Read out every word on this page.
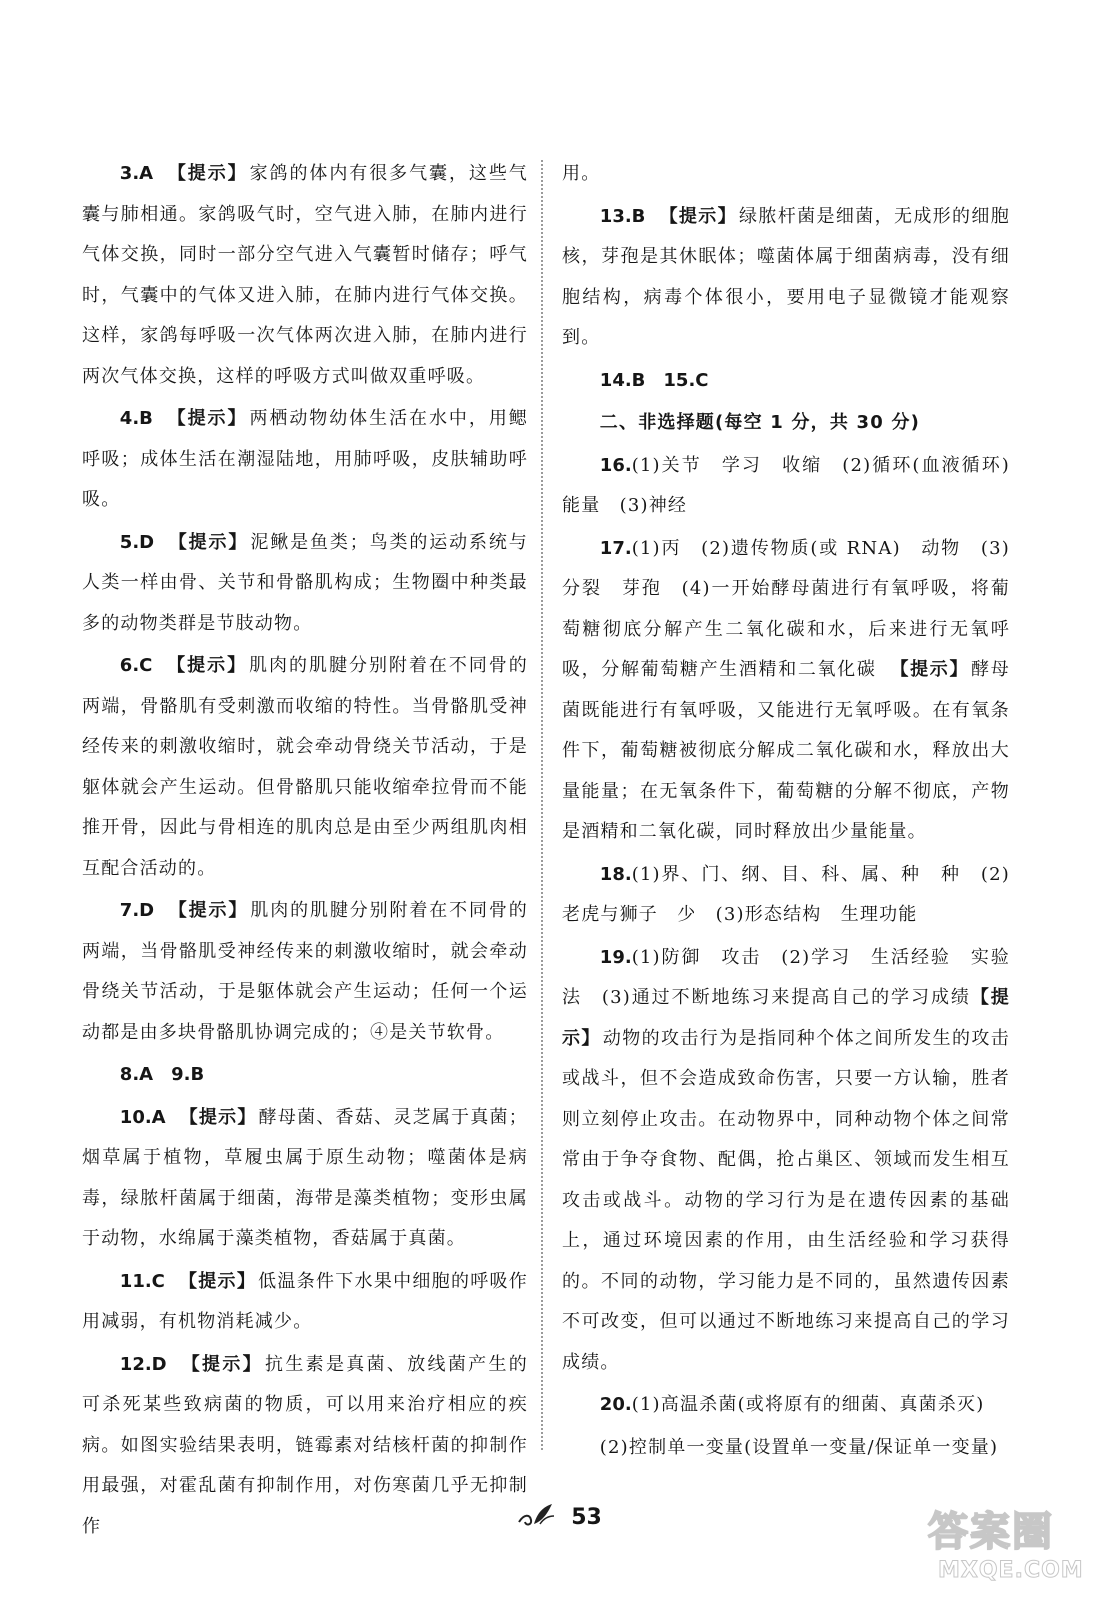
3.A 【提示】 家鸽的体内有很多气囊，这些气囊与肺相通。家鸽吸气时，空气进入肺，在肺内进行气体交换，同时一部分空气进入气囊暂时储存；呼气时，气囊中的气体又进入肺，在肺内进行气体交换。这样，家鸽每呼吸一次气体两次进入肺，在肺内进行两次气体交换，这样的呼吸方式叫做双重呼吸。

4.B 【提示】 两栖动物幼体生活在水中，用鳃呼吸；成体生活在潮湿陆地，用肺呼吸，皮肤辅助呼吸。

5.D 【提示】 泥鳅是鱼类；鸟类的运动系统与人类一样由骨、关节和骨骼肌构成；生物圈中种类最多的动物类群是节肢动物。

6.C 【提示】 肌肉的肌腱分别附着在不同骨的两端，骨骼肌有受刺激而收缩的特性。当骨骼肌受神经传来的刺激收缩时，就会牵动骨绕关节活动，于是躯体就会产生运动。但骨骼肌只能收缩牵拉骨而不能推开骨，因此与骨相连的肌肉总是由至少两组肌肉相互配合活动的。

7.D 【提示】 肌肉的肌腱分别附着在不同骨的两端，当骨骼肌受神经传来的刺激收缩时，就会牵动骨绕关节活动，于是躯体就会产生运动；任何一个运动都是由多块骨骼肌协调完成的；④是关节软骨。

8.A 9.B

10.A 【提示】 酵母菌、香菇、灵芝属于真菌；烟草属于植物，草履虫属于原生动物；噬菌体是病毒，绿脓杆菌属于细菌，海带是藻类植物；变形虫属于动物，水绵属于藻类植物，香菇属于真菌。

11.C 【提示】 低温条件下水果中细胞的呼吸作用减弱，有机物消耗减少。

12.D 【提示】 抗生素是真菌、放线菌产生的可杀死某些致病菌的物质，可以用来治疗相应的疾病。如图实验结果表明，链霉素对结核杆菌的抑制作用最强，对霍乱菌有抑制作用，对伤寒菌几乎无抑制作

用。

13.B 【提示】 绿脓杆菌是细菌，无成形的细胞核，芽孢是其休眠体；噬菌体属于细菌病毒，没有细胞结构，病毒个体很小，要用电子显微镜才能观察到。

14.B 15.C

二、非选择题(每空 1 分，共 30 分)

16.(1)关节　学习　收缩　(2)循环(血液循环)　能量　(3)神经

17.(1)丙　(2)遗传物质(或 RNA)　动物　(3)分裂　芽孢　(4)一开始酵母菌进行有氧呼吸，将葡萄糖彻底分解产生二氧化碳和水，后来进行无氧呼吸，分解葡萄糖产生酒精和二氧化碳 【提示】 酵母菌既能进行有氧呼吸，又能进行无氧呼吸。在有氧条件下，葡萄糖被彻底分解成二氧化碳和水，释放出大量能量；在无氧条件下，葡萄糖的分解不彻底，产物是酒精和二氧化碳，同时释放出少量能量。

18.(1)界、门、纲、目、科、属、种　种　(2)老虎与狮子　少　(3)形态结构　生理功能

19.(1)防御　攻击　(2)学习　生活经验　实验法　(3)通过不断地练习来提高自己的学习成绩【提示】 动物的攻击行为是指同种个体之间所发生的攻击或战斗，但不会造成致命伤害，只要一方认输，胜者则立刻停止攻击。在动物界中，同种动物个体之间常常由于争夺食物、配偶，抢占巢区、领域而发生相互攻击或战斗。动物的学习行为是在遗传因素的基础上，通过环境因素的作用，由生活经验和学习获得的。不同的动物，学习能力是不同的，虽然遗传因素不可改变，但可以通过不断地练习来提高自己的学习成绩。

20.(1)高温杀菌(或将原有的细菌、真菌杀灭)

(2)控制单一变量(设置单一变量/保证单一变量)

53	答案圈
MXQE.COM
